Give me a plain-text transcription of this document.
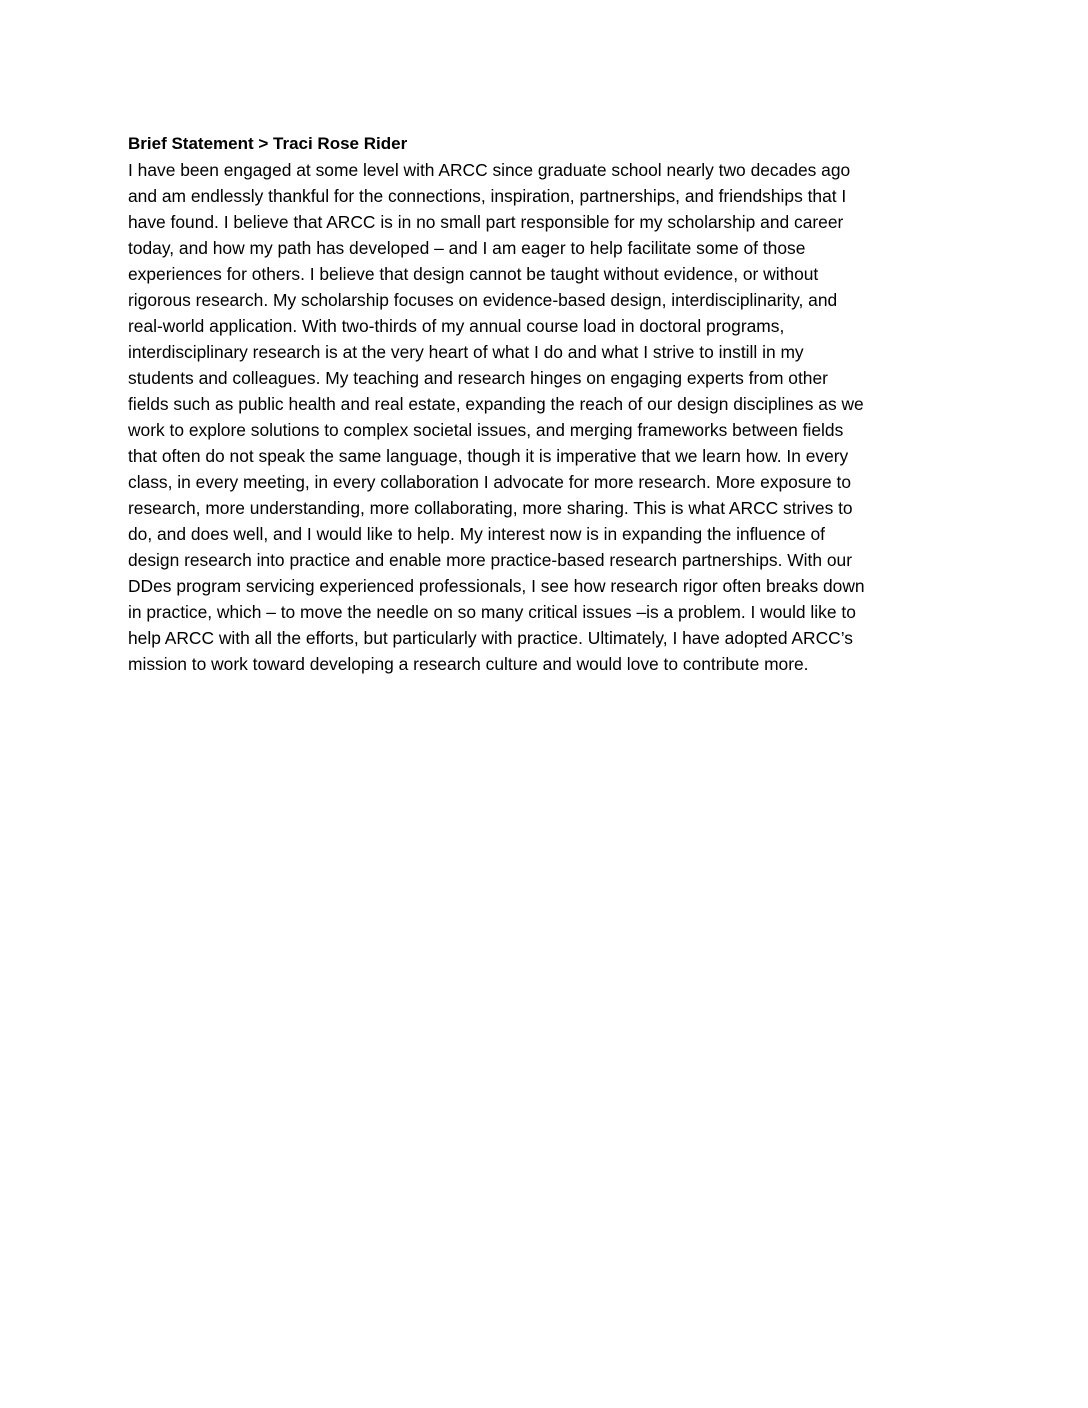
Brief Statement > Traci Rose Rider

I have been engaged at some level with ARCC since graduate school nearly two decades ago
and am endlessly thankful for the connections, inspiration, partnerships, and friendships that I
have found. I believe that ARCC is in no small part responsible for my scholarship and career
today, and how my path has developed – and I am eager to help facilitate some of those
experiences for others. I believe that design cannot be taught without evidence, or without
rigorous research. My scholarship focuses on evidence-based design, interdisciplinarity, and
real-world application. With two-thirds of my annual course load in doctoral programs,
interdisciplinary research is at the very heart of what I do and what I strive to instill in my
students and colleagues. My teaching and research hinges on engaging experts from other
fields such as public health and real estate, expanding the reach of our design disciplines as we
work to explore solutions to complex societal issues, and merging frameworks between fields
that often do not speak the same language, though it is imperative that we learn how. In every
class, in every meeting, in every collaboration I advocate for more research. More exposure to
research, more understanding, more collaborating, more sharing. This is what ARCC strives to
do, and does well, and I would like to help. My interest now is in expanding the influence of
design research into practice and enable more practice-based research partnerships. With our
DDes program servicing experienced professionals, I see how research rigor often breaks down
in practice, which – to move the needle on so many critical issues –is a problem. I would like to
help ARCC with all the efforts, but particularly with practice. Ultimately, I have adopted ARCC’s
mission to work toward developing a research culture and would love to contribute more.
